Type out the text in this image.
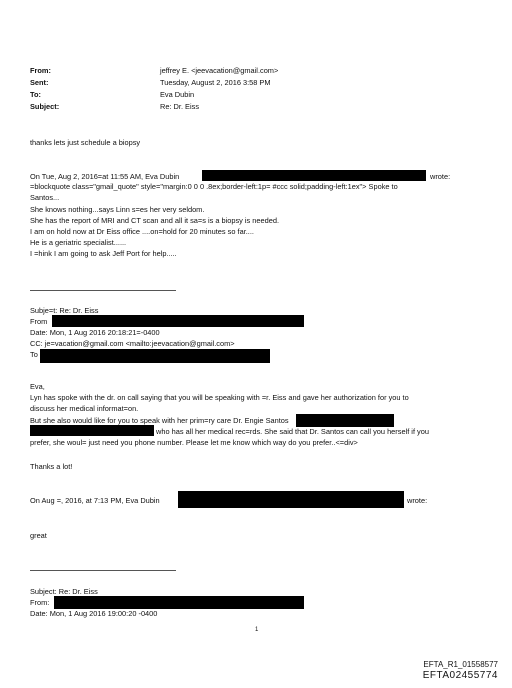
From:	jeffrey E. <jeevacation@gmail.com>
Sent:	Tuesday, August 2, 2016 3:58 PM
To:	Eva Dubin
Subject:	Re: Dr. Eiss
thanks lets just schedule a biopsy
On Tue, Aug 2, 2016=at 11:55 AM, Eva Dubin	wrote:
=blockquote class="gmail_quote" style="margin:0 0 0 .8ex;border-left:1p= #ccc solid;padding-left:1ex"> Spoke to
Santos...
She knows nothing...says Linn s=es her very seldom.
She has the report of MRI and CT scan and all it sa=s is a biopsy is needed.
I am on hold now at Dr Eiss office ....on=hold for 20 minutes so far....
He is a geriatric specialist......
I =hink I am going to ask Jeff Port for help.....
Subje=t: Re: Dr. Eiss
From
Date: Mon, 1 Aug 2016 20:18:21=-0400
CC: je=vacation@gmail.com <mailto:jeevacation@gmail.com>
To
Eva,
Lyn has spoke with the dr. on call saying that you will be speaking with =r. Eiss and gave her authorization for you to
discuss her medical informat=on.
But she also would like for you to speak with her prim=ry care Dr. Engie Santos
who has all her medical rec=rds. She said that Dr. Santos can call you herself if you
prefer, she woul= just need you phone number. Please let me know which way do you prefer..<=div>
Thanks a lot!
On Aug =, 2016, at 7:13 PM, Eva Dubin	wrote:
great
Subject: Re: Dr. Eiss
From:
Date: Mon, 1 Aug 2016 19:00:20 -0400
1
EFTA_R1_01558577
EFTA02455774
